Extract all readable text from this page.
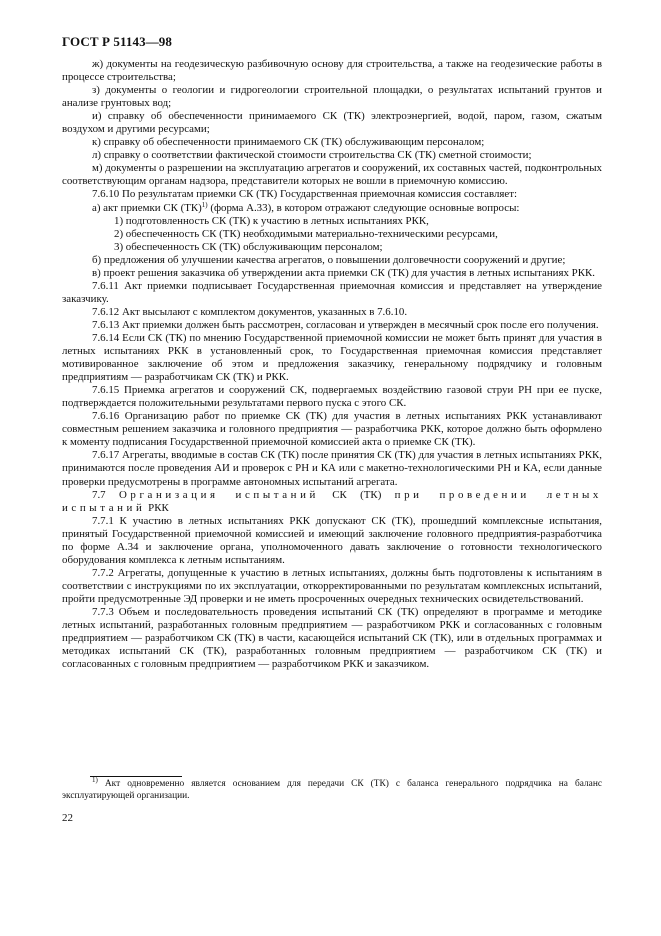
ГОСТ Р 51143—98

ж) документы на геодезическую разбивочную основу для строительства, а также на геодезические работы в процессе строительства;

з) документы о геологии и гидрогеологии строительной площадки, о результатах испытаний грунтов и анализе грунтовых вод;

и) справку об обеспеченности принимаемого СК (ТК) электроэнергией, водой, паром, газом, сжатым воздухом и другими ресурсами;

к) справку об обеспеченности принимаемого СК (ТК) обслуживающим персоналом;

л) справку о соответствии фактической стоимости строительства СК (ТК) сметной стоимости;

м) документы о разрешении на эксплуатацию агрегатов и сооружений, их составных частей, подконтрольных соответствующим органам надзора, представители которых не вошли в приемочную комиссию.

7.6.10 По результатам приемки СК (ТК) Государственная приемочная комиссия составляет:

а) акт приемки СК (ТК)$^{1)}$ (форма А.33), в котором отражают следующие основные вопросы:

1) подготовленность СК (ТК) к участию в летных испытаниях РКК,

2) обеспеченность СК (ТК) необходимыми материально-техническими ресурсами,

3) обеспеченность СК (ТК) обслуживающим персоналом;

б) предложения об улучшении качества агрегатов, о повышении долговечности сооружений и другие;

в) проект решения заказчика об утверждении акта приемки СК (ТК) для участия в летных испытаниях РКК.

7.6.11 Акт приемки подписывает Государственная приемочная комиссия и представляет на утверждение заказчику.

7.6.12 Акт высылают с комплектом документов, указанных в 7.6.10.

7.6.13 Акт приемки должен быть рассмотрен, согласован и утвержден в месячный срок после его получения.

7.6.14 Если СК (ТК) по мнению Государственной приемочной комиссии не может быть принят для участия в летных испытаниях РКК в установленный срок, то Государственная приемочная комиссия представляет мотивированное заключение об этом и предложения заказчику, генеральному подрядчику и головным предприятиям — разработчикам СК (ТК) и РКК.

7.6.15 Приемка агрегатов и сооружений СК, подвергаемых воздействию газовой струи РН при ее пуске, подтверждается положительными результатами первого пуска с этого СК.

7.6.16 Организацию работ по приемке СК (ТК) для участия в летных испытаниях РКК устанавливают совместным решением заказчика и головного предприятия — разработчика РКК, которое должно быть оформлено к моменту подписания Государственной приемочной комиссией акта о приемке СК (ТК).

7.6.17 Агрегаты, вводимые в состав СК (ТК) после принятия СК (ТК) для участия в летных испытаниях РКК, принимаются после проведения АИ и проверок с РН и КА или с макетно-технологическими РН и КА, если данные проверки предусмотрены в программе автономных испытаний агрегата.

7.7 Организация испытаний СК (ТК) при проведении летных испытаний РКК

7.7.1 К участию в летных испытаниях РКК допускают СК (ТК), прошедший комплексные испытания, принятый Государственной приемочной комиссией и имеющий заключение головного предприятия-разработчика по форме А.34 и заключение органа, уполномоченного давать заключение о готовности технологического оборудования комплекса к летным испытаниям.

7.7.2 Агрегаты, допущенные к участию в летных испытаниях, должны быть подготовлены к испытаниям в соответствии с инструкциями по их эксплуатации, откорректированными по результатам комплексных испытаний, пройти предусмотренные ЭД проверки и не иметь просроченных очередных технических освидетельствований.

7.7.3 Объем и последовательность проведения испытаний СК (ТК) определяют в программе и методике летных испытаний, разработанных головным предприятием — разработчиком РКК и согласованных с головным предприятием — разработчиком СК (ТК) в части, касающейся испытаний СК (ТК), или в отдельных программах и методиках испытаний СК (ТК), разработанных головным предприятием — разработчиком СК (ТК) и согласованных с головным предприятием — разработчиком РКК и заказчиком.

$^{1)}$ Акт одновременно является основанием для передачи СК (ТК) с баланса генерального подрядчика на баланс эксплуатирующей организации.

22
